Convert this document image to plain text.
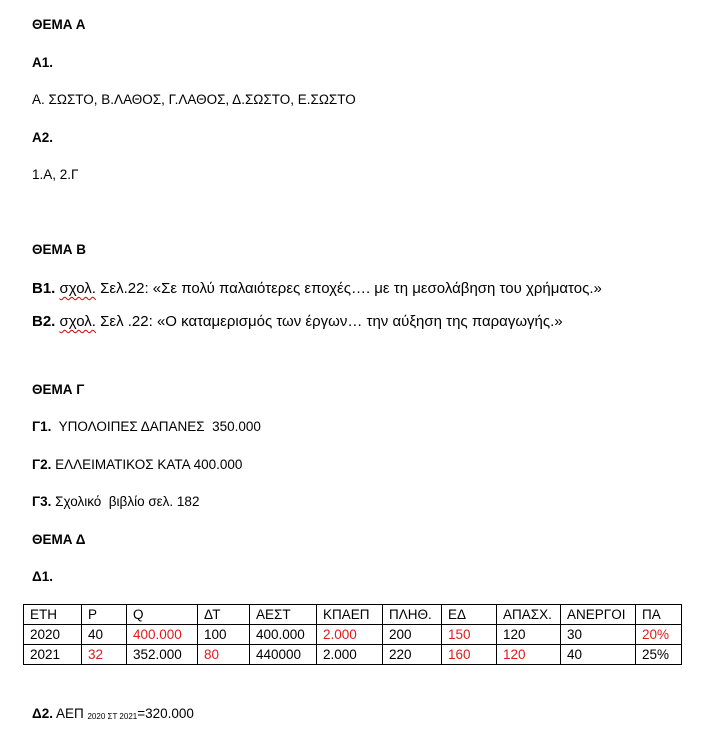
ΘΕΜΑ Α
Α1.
Α. ΣΩΣΤΟ, Β.ΛΑΘΟΣ, Γ.ΛΑΘΟΣ, Δ.ΣΩΣΤΟ, Ε.ΣΩΣΤΟ
Α2.
1.Α, 2.Γ
ΘΕΜΑ Β
Β1. σχολ. Σελ.22: «Σε πολύ παλαιότερες εποχές…. με τη μεσολάβηση του χρήματος.»
Β2. σχολ. Σελ .22: «Ο καταμερισμός των έργων… την αύξηση της παραγωγής.»
ΘΕΜΑ Γ
Γ1.  ΥΠΟΛΟΙΠΕΣ ΔΑΠΑΝΕΣ  350.000
Γ2. ΕΛΛΕΙΜΑΤΙΚΟΣ ΚΑΤΑ 400.000
Γ3. Σχολικό  βιβλίο σελ. 182
ΘΕΜΑ Δ
Δ1.
ΕΤΗ	Ρ	Q	ΔΤ	ΑΕΣΤ	ΚΠΑΕΠ	ΠΛΗΘ.	ΕΔ	ΑΠΑΣΧ.	ΑΝΕΡΓΟΙ	ΠΑ
2020	40	400.000	100	400.000	2.000	200	150	120	30	20%
2021	32	352.000	80	440000	2.000	220	160	120	40	25%
Δ2. ΑΕΠ 2020 ΣΤ 2021=320.000
